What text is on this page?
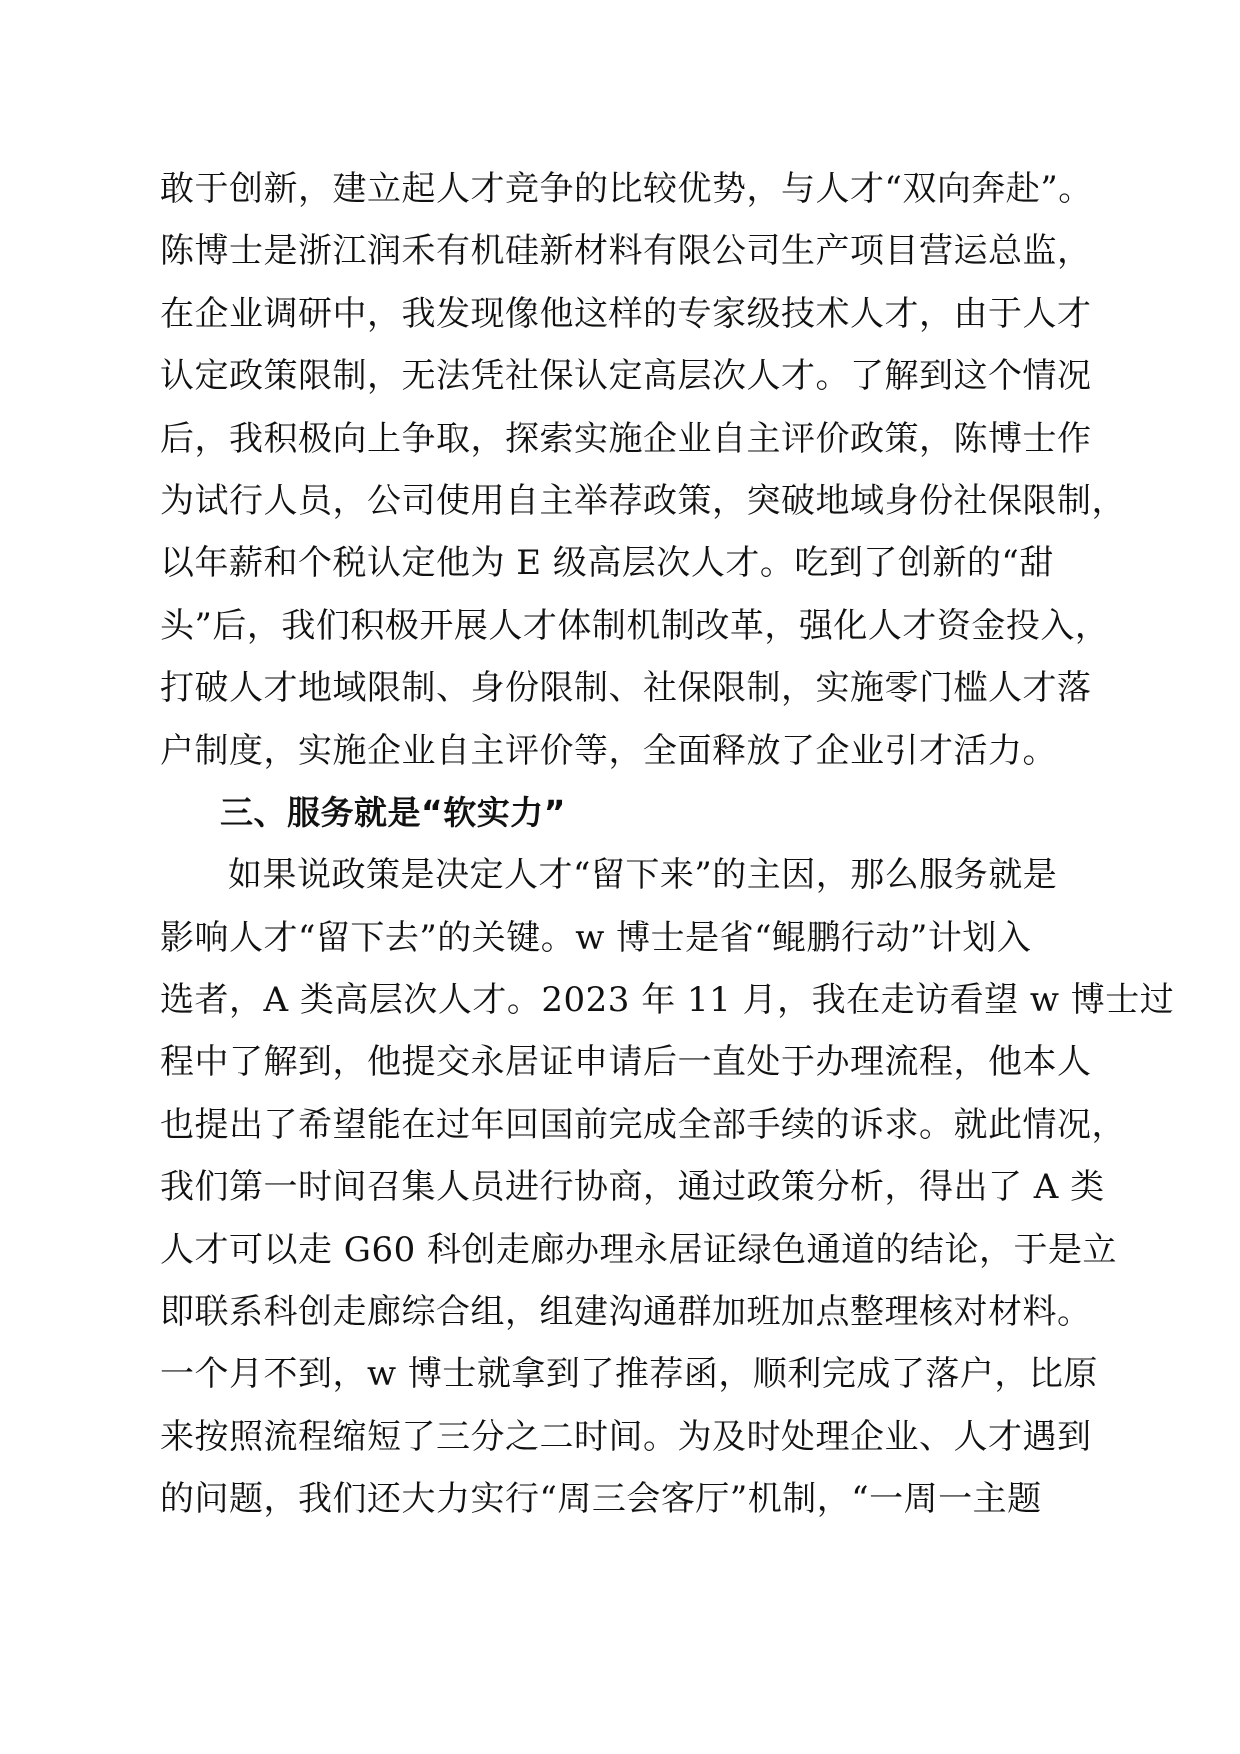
敢于创新，建立起人才竞争的比较优势，与人才“双向奔赴”。
陈博士是浙江润禾有机硅新材料有限公司生产项目营运总监，
在企业调研中，我发现像他这样的专家级技术人才，由于人才
认定政策限制，无法凭社保认定高层次人才。了解到这个情况
后，我积极向上争取，探索实施企业自主评价政策，陈博士作
为试行人员，公司使用自主举荐政策，突破地域身份社保限制，
以年薪和个税认定他为 E 级高层次人才。吃到了创新的“甜
头”后，我们积极开展人才体制机制改革，强化人才资金投入，
打破人才地域限制、身份限制、社保限制，实施零门槛人才落
户制度，实施企业自主评价等，全面释放了企业引才活力。
三、服务就是“软实力”
如果说政策是决定人才“留下来”的主因，那么服务就是
影响人才“留下去”的关键。w 博士是省“鲲鹏行动”计划入
选者，A 类高层次人才。2023 年 11 月，我在走访看望 w 博士过
程中了解到，他提交永居证申请后一直处于办理流程，他本人
也提出了希望能在过年回国前完成全部手续的诉求。就此情况，
我们第一时间召集人员进行协商，通过政策分析，得出了 A 类
人才可以走 G60 科创走廊办理永居证绿色通道的结论，于是立
即联系科创走廊综合组，组建沟通群加班加点整理核对材料。
一个月不到，w 博士就拿到了推荐函，顺利完成了落户，比原
来按照流程缩短了三分之二时间。为及时处理企业、人才遇到
的问题，我们还大力实行“周三会客厅”机制，“一周一主题
